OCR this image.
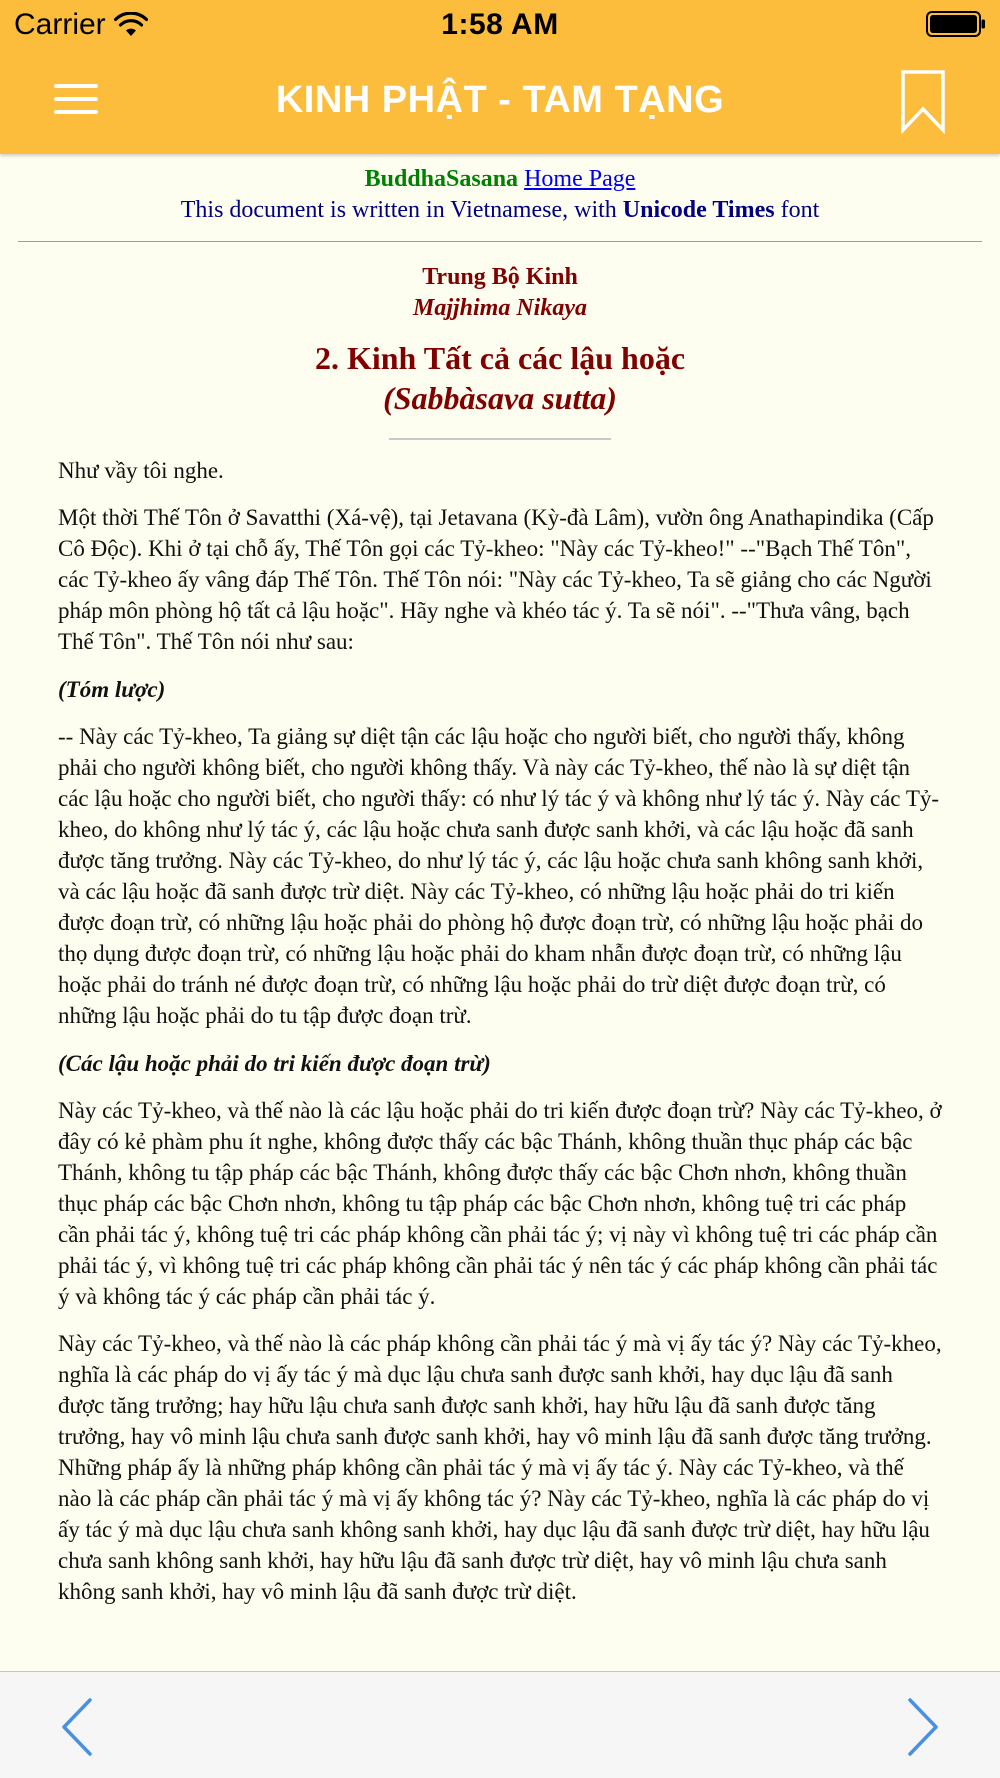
Carrier	1:58 AM
KINH PHẬT - TAM TẠNG
BuddhaSasana Home Page
This document is written in Vietnamese, with Unicode Times font
Trung Bộ Kinh
Majjhima Nikaya
2. Kinh Tất cả các lậu hoặc
(Sabbàsava sutta)

Như vầy tôi nghe.

Một thời Thế Tôn ở Savatthi (Xá-vệ), tại Jetavana (Kỳ-đà Lâm), vườn ông Anathapindika (Cấp Cô Độc). Khi ở tại chỗ ấy, Thế Tôn gọi các Tỷ-kheo: "Này các Tỷ-kheo!" --"Bạch Thế Tôn", các Tỷ-kheo ấy vâng đáp Thế Tôn. Thế Tôn nói: "Này các Tỷ-kheo, Ta sẽ giảng cho các Người pháp môn phòng hộ tất cả lậu hoặc". Hãy nghe và khéo tác ý. Ta sẽ nói". --"Thưa vâng, bạch Thế Tôn". Thế Tôn nói như sau:

(Tóm lược)

-- Này các Tỷ-kheo, Ta giảng sự diệt tận các lậu hoặc cho người biết, cho người thấy, không phải cho người không biết, cho người không thấy. Và này các Tỷ-kheo, thế nào là sự diệt tận các lậu hoặc cho người biết, cho người thấy: có như lý tác ý và không như lý tác ý. Này các Tỷ-kheo, do không như lý tác ý, các lậu hoặc chưa sanh được sanh khởi, và các lậu hoặc đã sanh được tăng trưởng. Này các Tỷ-kheo, do như lý tác ý, các lậu hoặc chưa sanh không sanh khởi, và các lậu hoặc đã sanh được trừ diệt. Này các Tỷ-kheo, có những lậu hoặc phải do tri kiến được đoạn trừ, có những lậu hoặc phải do phòng hộ được đoạn trừ, có những lậu hoặc phải do thọ dụng được đoạn trừ, có những lậu hoặc phải do kham nhẫn được đoạn trừ, có những lậu hoặc phải do tránh né được đoạn trừ, có những lậu hoặc phải do trừ diệt được đoạn trừ, có những lậu hoặc phải do tu tập được đoạn trừ.

(Các lậu hoặc phải do tri kiến được đoạn trừ)

Này các Tỷ-kheo, và thế nào là các lậu hoặc phải do tri kiến được đoạn trừ? Này các Tỷ-kheo, ở đây có kẻ phàm phu ít nghe, không được thấy các bậc Thánh, không thuần thục pháp các bậc Thánh, không tu tập pháp các bậc Thánh, không được thấy các bậc Chơn nhơn, không thuần thục pháp các bậc Chơn nhơn, không tu tập pháp các bậc Chơn nhơn, không tuệ tri các pháp cần phải tác ý, không tuệ tri các pháp không cần phải tác ý; vị này vì không tuệ tri các pháp cần phải tác ý, vì không tuệ tri các pháp không cần phải tác ý nên tác ý các pháp không cần phải tác ý và không tác ý các pháp cần phải tác ý.

Này các Tỷ-kheo, và thế nào là các pháp không cần phải tác ý mà vị ấy tác ý? Này các Tỷ-kheo, nghĩa là các pháp do vị ấy tác ý mà dục lậu chưa sanh được sanh khởi, hay dục lậu đã sanh được tăng trưởng; hay hữu lậu chưa sanh được sanh khởi, hay hữu lậu đã sanh được tăng trưởng, hay vô minh lậu chưa sanh được sanh khởi, hay vô minh lậu đã sanh được tăng trưởng. Những pháp ấy là những pháp không cần phải tác ý mà vị ấy tác ý. Này các Tỷ-kheo, và thế nào là các pháp cần phải tác ý mà vị ấy không tác ý? Này các Tỷ-kheo, nghĩa là các pháp do vị ấy tác ý mà dục lậu chưa sanh không sanh khởi, hay dục lậu đã sanh được trừ diệt, hay hữu lậu chưa sanh không sanh khởi, hay hữu lậu đã sanh được trừ diệt, hay vô minh lậu chưa sanh không sanh khởi, hay vô minh lậu đã sanh được trừ diệt.
